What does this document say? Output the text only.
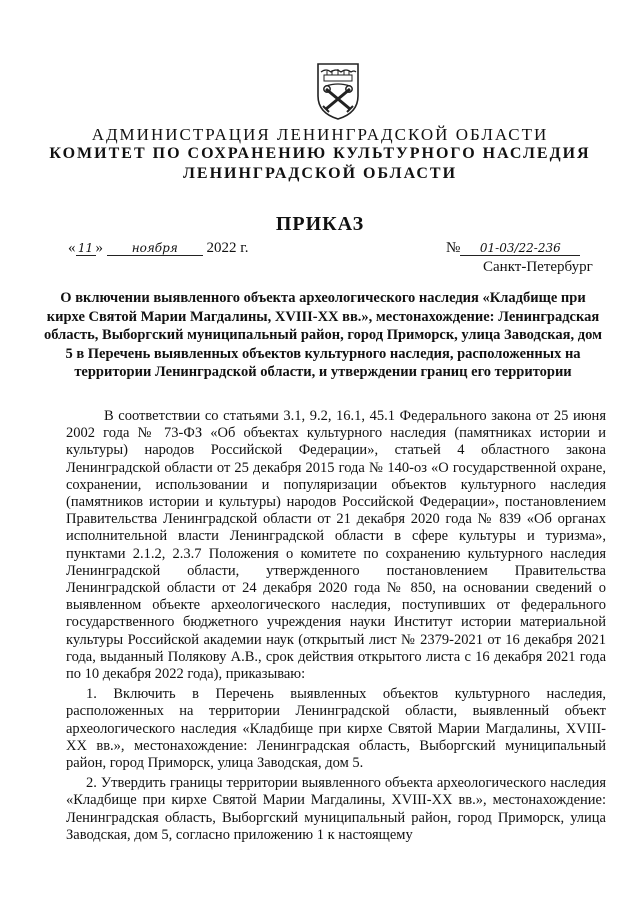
АДМИНИСТРАЦИЯ ЛЕНИНГРАДСКОЙ ОБЛАСТИ
КОМИТЕТ ПО СОХРАНЕНИЮ КУЛЬТУРНОГО НАСЛЕДИЯ
ЛЕНИНГРАДСКОЙ ОБЛАСТИ
ПРИКАЗ
« 11 » ноября 2022 г.	№ 01-03/22-236
Санкт-Петербург
О включении выявленного объекта археологического наследия «Кладбище при кирхе Святой Марии Магдалины, XVIII-XX вв.», местонахождение: Ленинградская область, Выборгский муниципальный район, город Приморск, улица Заводская, дом 5 в Перечень выявленных объектов культурного наследия, расположенных на территории Ленинградской области, и утверждении границ его территории

В соответствии со статьями 3.1, 9.2, 16.1, 45.1 Федерального закона от 25 июня 2002 года № 73-ФЗ «Об объектах культурного наследия (памятниках истории и культуры) народов Российской Федерации», статьей 4 областного закона Ленинградской области от 25 декабря 2015 года № 140-оз «О государственной охране, сохранении, использовании и популяризации объектов культурного наследия (памятников истории и культуры) народов Российской Федерации», постановлением Правительства Ленинградской области от 21 декабря 2020 года № 839 «Об органах исполнительной власти Ленинградской области в сфере культуры и туризма», пунктами 2.1.2, 2.3.7 Положения о комитете по сохранению культурного наследия Ленинградской области, утвержденного постановлением Правительства Ленинградской области от 24 декабря 2020 года № 850, на основании сведений о выявленном объекте археологического наследия, поступивших от федерального государственного бюджетного учреждения науки Институт истории материальной культуры Российской академии наук (открытый лист № 2379-2021 от 16 декабря 2021 года, выданный Полякову А.В., срок действия открытого листа с 16 декабря 2021 года по 10 декабря 2022 года), приказываю:

1. Включить в Перечень выявленных объектов культурного наследия, расположенных на территории Ленинградской области, выявленный объект археологического наследия «Кладбище при кирхе Святой Марии Магдалины, XVIII-XX вв.», местонахождение: Ленинградская область, Выборгский муниципальный район, город Приморск, улица Заводская, дом 5.

2. Утвердить границы территории выявленного объекта археологического наследия «Кладбище при кирхе Святой Марии Магдалины, XVIII-XX вв.», местонахождение: Ленинградская область, Выборгский муниципальный район, город Приморск, улица Заводская, дом 5, согласно приложению 1 к настоящему
